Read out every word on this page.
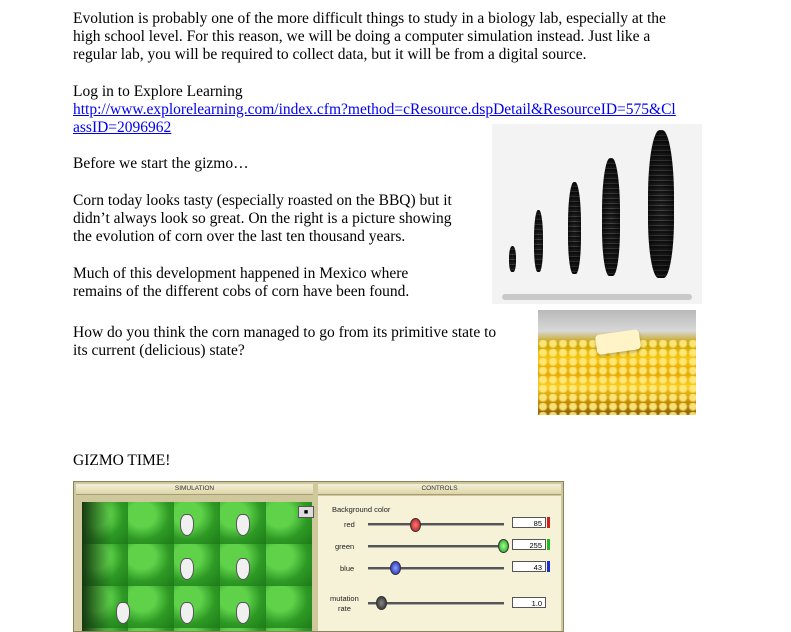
Evolution is probably one of the more difficult things to study in a biology lab, especially at the

high school level. For this reason, we will be doing a computer simulation instead. Just like a

regular lab, you will be required to collect data, but it will be from a digital source.

Log in to Explore Learning

http://www.explorelearning.com/index.cfm?method=cResource.dspDetail&ResourceID=575&Cl

assID=2096962

Before we start the gizmo…

Corn today looks tasty (especially roasted on the BBQ) but it

didn’t always look so great. On the right is a picture showing

the evolution of corn over the last ten thousand years.

Much of this development happened in Mexico where

remains of the different cobs of corn have been found.

How do you think the corn managed to go from its primitive state to

its current (delicious) state?

GIZMO TIME!

SIMULATION	CONTROLS
■	Background color
red	85
green	255
blue	43
mutation
rate
1.0
